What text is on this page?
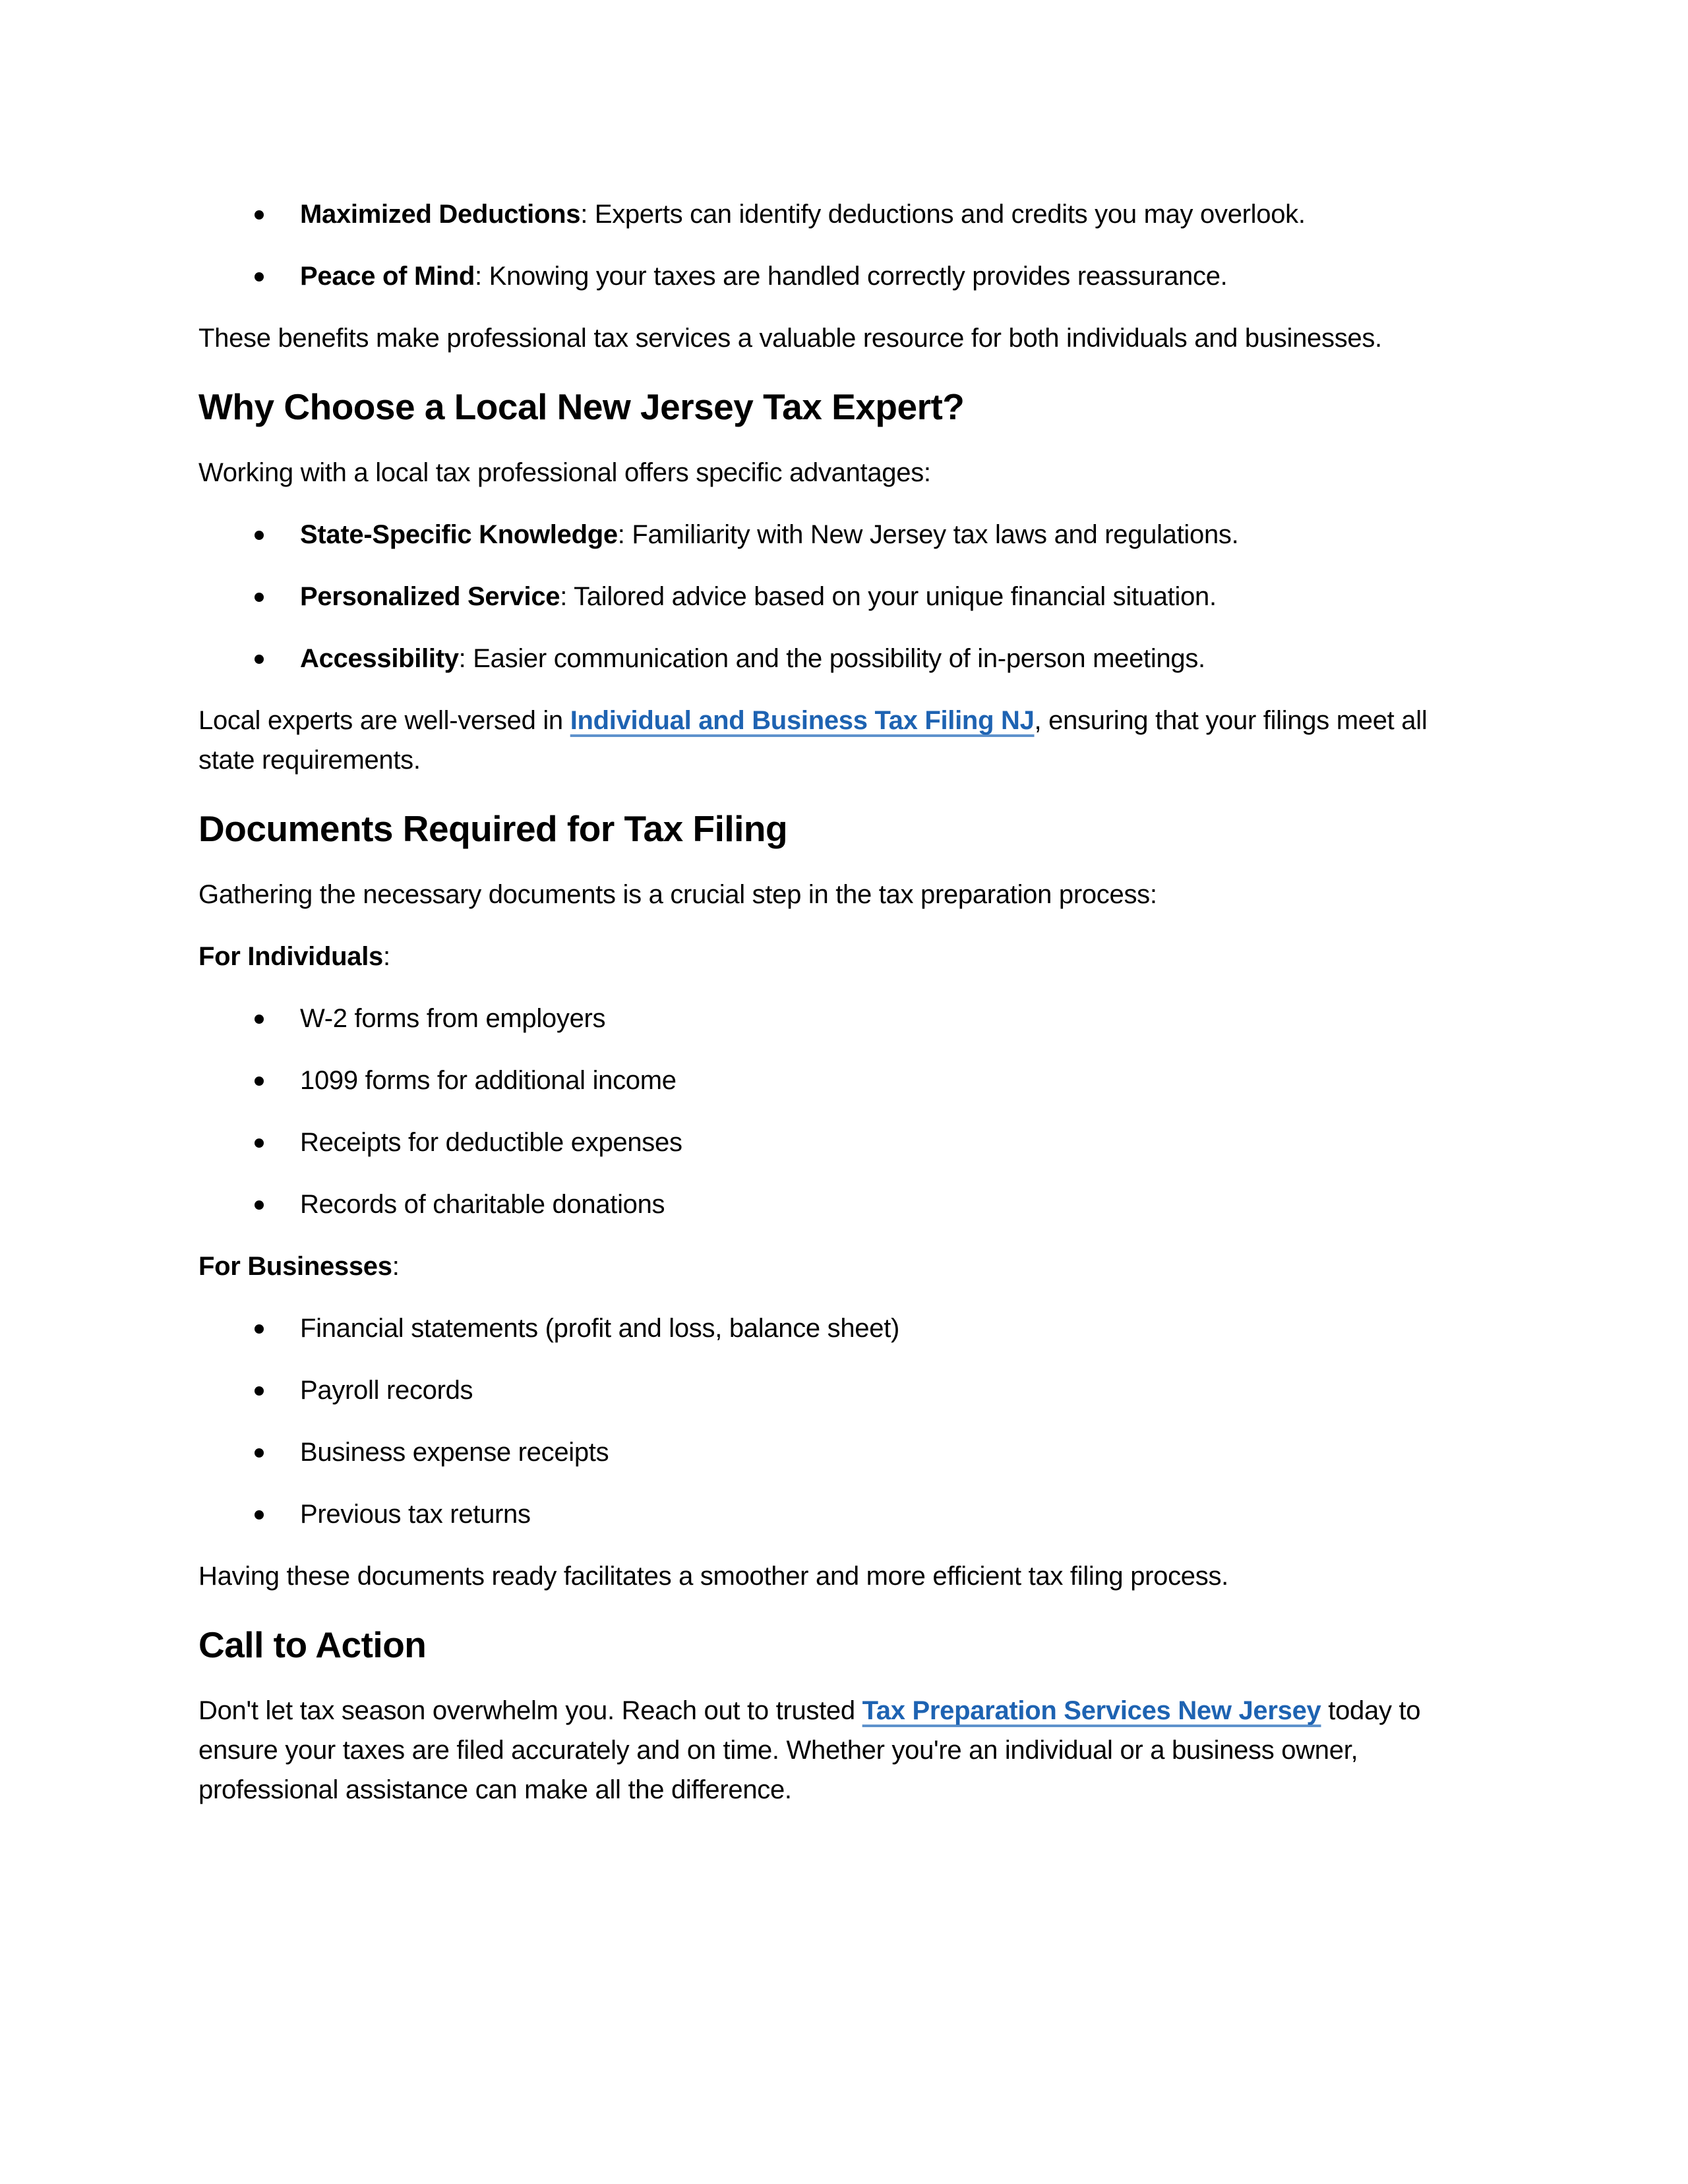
Maximized Deductions: Experts can identify deductions and credits you may overlook.
Peace of Mind: Knowing your taxes are handled correctly provides reassurance.

These benefits make professional tax services a valuable resource for both individuals and businesses.

Why Choose a Local New Jersey Tax Expert?

Working with a local tax professional offers specific advantages:

State-Specific Knowledge: Familiarity with New Jersey tax laws and regulations.
Personalized Service: Tailored advice based on your unique financial situation.
Accessibility: Easier communication and the possibility of in-person meetings.

Local experts are well-versed in Individual and Business Tax Filing NJ, ensuring that your filings meet all state requirements.

Documents Required for Tax Filing

Gathering the necessary documents is a crucial step in the tax preparation process:

For Individuals:

W-2 forms from employers
1099 forms for additional income
Receipts for deductible expenses
Records of charitable donations

For Businesses:

Financial statements (profit and loss, balance sheet)
Payroll records
Business expense receipts
Previous tax returns

Having these documents ready facilitates a smoother and more efficient tax filing process.

Call to Action

Don't let tax season overwhelm you. Reach out to trusted Tax Preparation Services New Jersey today to ensure your taxes are filed accurately and on time. Whether you're an individual or a business owner, professional assistance can make all the difference.
